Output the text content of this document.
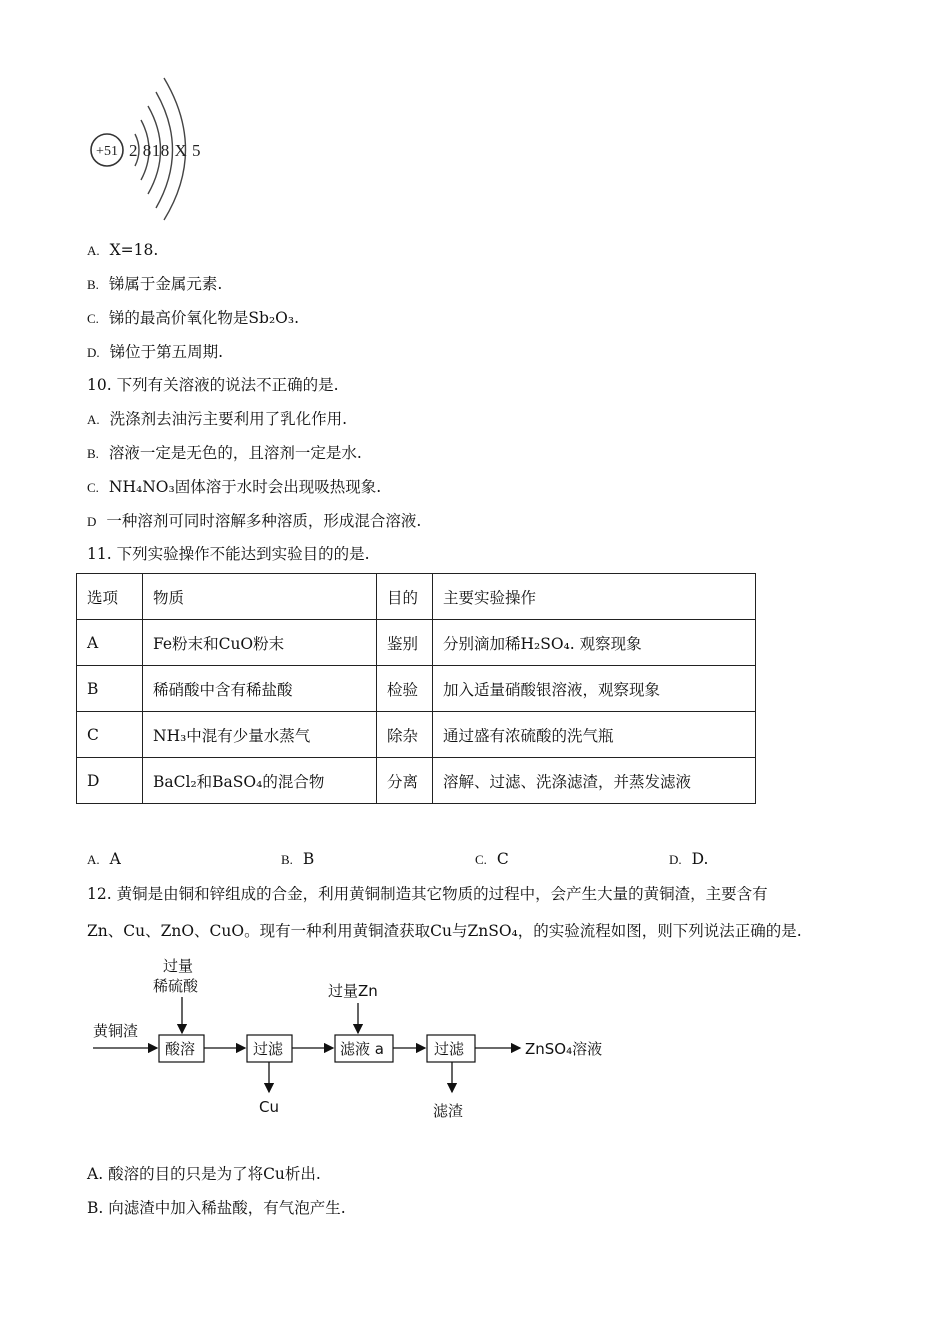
+51 2 818 X 5
A. X=18.
B. 锑属于金属元素.
C. 锑的最高价氧化物是Sb₂O₃.
D. 锑位于第五周期.
10. 下列有关溶液的说法不正确的是.
A. 洗涤剂去油污主要利用了乳化作用.
B. 溶液一定是无色的，且溶剂一定是水.
C. NH₄NO₃固体溶于水时会出现吸热现象.
D 一种溶剂可同时溶解多种溶质，形成混合溶液.
11. 下列实验操作不能达到实验目的的是.
选项	物质	目的	主要实验操作
A	Fe粉末和CuO粉末	鉴别	分别滴加稀H₂SO₄. 观察现象
B	稀硝酸中含有稀盐酸	检验	加入适量硝酸银溶液，观察现象
C	NH₃中混有少量水蒸气	除杂	通过盛有浓硫酸的洗气瓶
D	BaCl₂和BaSO₄的混合物	分离	溶解、过滤、洗涤滤渣，并蒸发滤液
A. A	B. B	C. C	D. D.
12. 黄铜是由铜和锌组成的合金，利用黄铜制造其它物质的过程中，会产生大量的黄铜渣，主要含有
Zn、Cu、ZnO、CuO。现有一种利用黄铜渣获取Cu与ZnSO₄，的实验流程如图，则下列说法正确的是.
过量
稀硫酸
黄铜渣
酸溶	过滤
Cu
过量Zn
滤液 a	过滤
滤渣
ZnSO₄溶液
A. 酸溶的目的只是为了将Cu析出.
B. 向滤渣中加入稀盐酸，有气泡产生.
